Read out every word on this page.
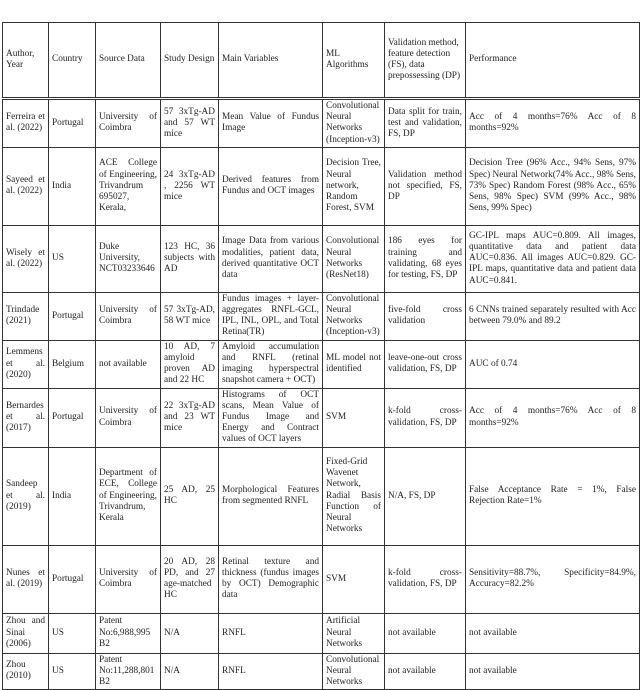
Author, Year	Country	Source Data	Study Design	Main Variables	ML Algorithms	Validation method, feature detection (FS), data prepossessing (DP)	Performance
Ferreira et al. (2022)	Portugal	University of Coimbra	57 3xTg-AD and 57 WT mice	Mean Value of Fundus Image	Convolutional Neural Networks (Inception-v3)	Data split for train, test and validation, FS, DP	Acc of 4 months=76% Acc of 8 months=92%
Sayeed et al. (2022)	India	ACE College of Engineering, Trivandrum 695027, Kerala,	24 3xTg-AD , 2256 WT mice	Derived features from Fundus and OCT images	Decision Tree, Neural network, Random Forest, SVM	Validation method not specified, FS, DP	Decision Tree (96% Acc., 94% Sens, 97% Spec) Neural Network(74% Acc., 98% Sens, 73% Spec) Random Forest (98% Acc., 65% Sens, 98% Spec) SVM (99% Acc., 98% Sens, 99% Spec)
Wisely et al. (2022)	US	Duke University, NCT03233646	123 HC, 36 subjects with AD	Image Data from various modalities, patient data, derived quantitative OCT data	Convolutional Neural Networks (ResNet18)	186 eyes for training and validating, 68 eyes for testing, FS, DP	GC-IPL maps AUC=0.809. All images, quantitative data and patient data AUC=0.836. All images AUC=0.829. GC-IPL maps, quantitative data and patient data AUC=0.841.
Trindade (2021)	Portugal	University of Coimbra	57 3xTg-AD, 58 WT mice	Fundus images + layer-aggregates RNFL-GCL, IPL, INL, OPL, and Total Retina(TR)	Convolutional Neural Networks (Inception-v3)	five-fold cross validation	6 CNNs trained separately resulted with Acc between 79.0% and 89.2
Lemmens et al. (2020)	Belgium	not available	10 AD, 7 amyloid proven AD and 22 HC	Amyloid accumulation and RNFL (retinal imaging hyperspectral snapshot camera + OCT)	ML model not identified	leave-one-out cross validation, FS, DP	AUC of 0.74
Bernardes et al. (2017)	Portugal	University of Coimbra	22 3xTg-AD and 23 WT mice	Histograms of OCT scans, Mean Value of Fundus Image and Energy and Contract values of OCT layers	SVM	k-fold cross-validation, FS, DP	Acc of 4 months=76% Acc of 8 months=92%
Sandeep et al. (2019)	India	Department of ECE, College of Engineering, Trivandrum, Kerala	25 AD, 25 HC	Morphological Features from segmented RNFL	Fixed-Grid Wavenet Network, Radial Basis Function of Neural Networks	N/A, FS, DP	False Acceptance Rate = 1%, False Rejection Rate=1%
Nunes et al. (2019)	Portugal	University of Coimbra	20 AD, 28 PD, and 27 age-matched HC	Retinal texture and thickness (fundus images by OCT) Demographic data	SVM	k-fold cross-validation, FS, DP	Sensitivity=88.7%, Specificity=84.9%, Accuracy=82.2%
Zhou and Sinai (2006)	US	Patent No:6,988,995 B2	N/A	RNFL	Artificial Neural Networks	not available	not available
Zhou (2010)	US	Patent No:11,288,801 B2	N/A	RNFL	Convolutional Neural Networks	not available	not available
